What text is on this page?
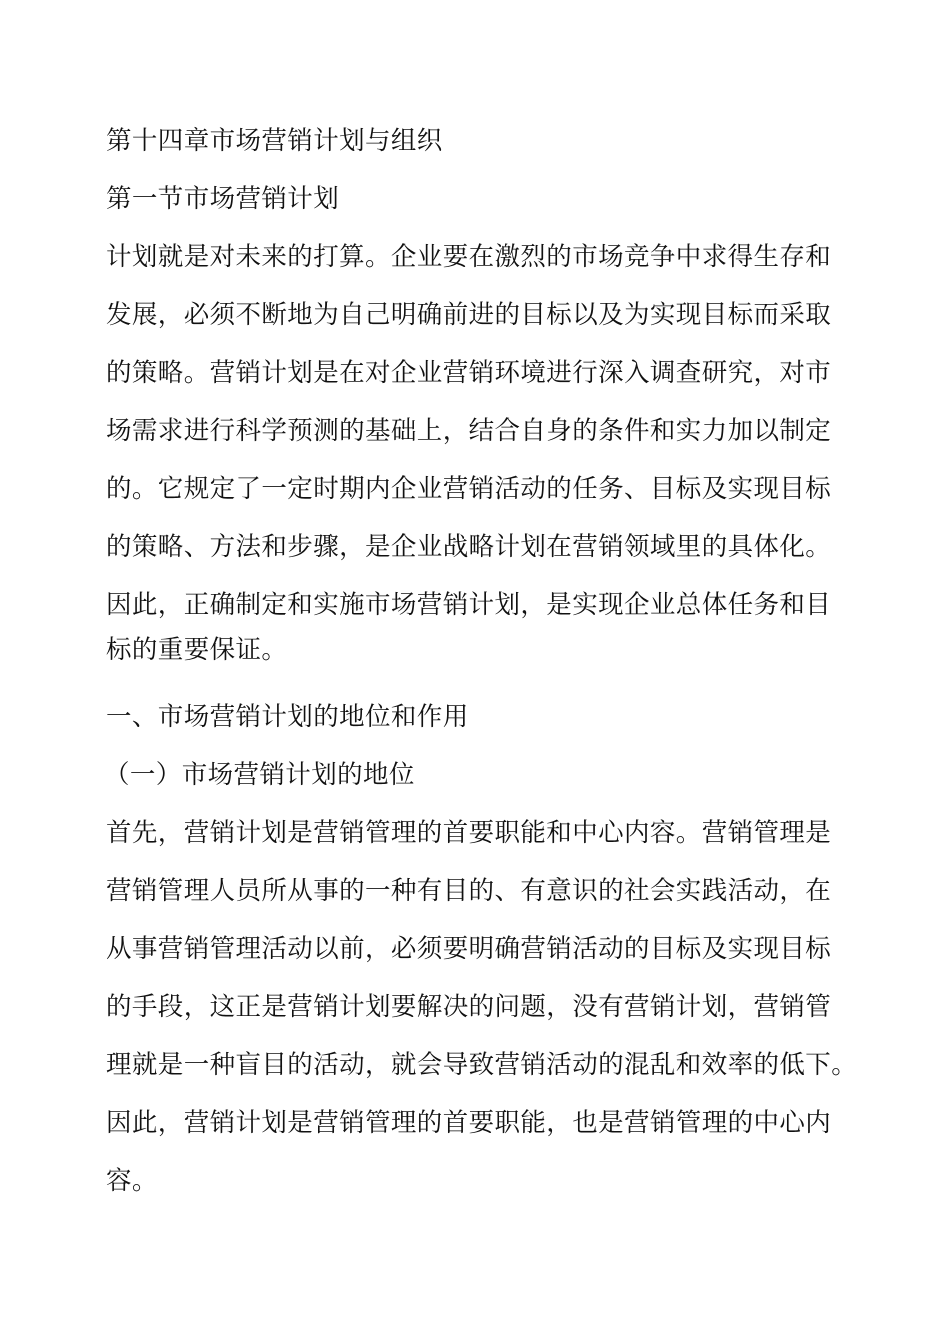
第十四章市场营销计划与组织
第一节市场营销计划
计划就是对未来的打算。企业要在激烈的市场竞争中求得生存和
发展，必须不断地为自己明确前进的目标以及为实现目标而采取
的策略。营销计划是在对企业营销环境进行深入调查研究，对市
场需求进行科学预测的基础上，结合自身的条件和实力加以制定
的。它规定了一定时期内企业营销活动的任务、目标及实现目标
的策略、方法和步骤，是企业战略计划在营销领域里的具体化。
因此，正确制定和实施市场营销计划，是实现企业总体任务和目
标的重要保证。
一、市场营销计划的地位和作用
（一）市场营销计划的地位
首先，营销计划是营销管理的首要职能和中心内容。营销管理是
营销管理人员所从事的一种有目的、有意识的社会实践活动，在
从事营销管理活动以前，必须要明确营销活动的目标及实现目标
的手段，这正是营销计划要解决的问题，没有营销计划，营销管
理就是一种盲目的活动，就会导致营销活动的混乱和效率的低下。
因此，营销计划是营销管理的首要职能，也是营销管理的中心内
容。
